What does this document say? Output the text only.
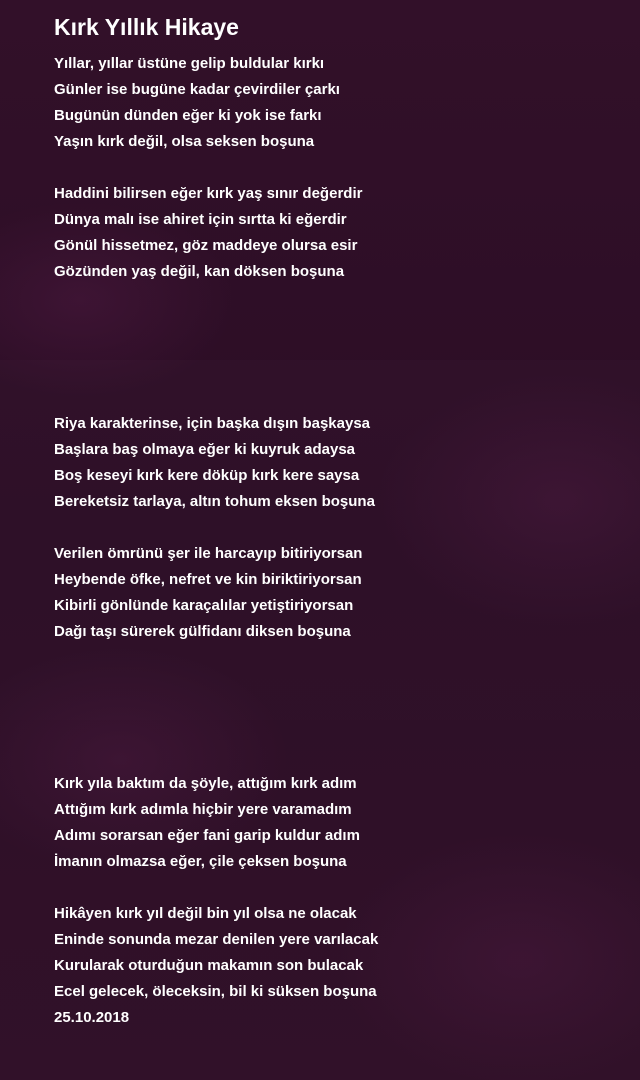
Kırk Yıllık Hikaye
Yıllar, yıllar üstüne gelip buldular kırkı
Günler ise bugüne kadar çevirdiler çarkı
Bugünün dünden eğer ki yok ise farkı
Yaşın kırk değil, olsa seksen boşuna
Haddini bilirsen eğer kırk yaş sınır değerdir
Dünya malı ise ahiret için sırtta ki eğerdir
Gönül hissetmez, göz maddeye olursa esir
Gözünden yaş değil, kan döksen boşuna
Riya karakterinse, için başka dışın başkaysa
Başlara baş olmaya eğer ki kuyruk adaysa
Boş keseyi kırk kere döküp kırk kere saysa
Bereketsiz tarlaya, altın tohum eksen boşuna
Verilen ömrünü şer ile harcayıp bitiriyorsan
Heybende öfke, nefret ve kin biriktiriyorsan
Kibirli gönlünde karaçalılar yetiştiriyorsan
Dağı taşı sürerek gülfidanı diksen boşuna
Kırk yıla baktım da şöyle, attığım kırk adım
Attığım kırk adımla hiçbir yere varamadım
Adımı sorarsan eğer fani garip kuldur adım
İmanın olmazsa eğer, çile çeksen boşuna
Hikâyen kırk yıl değil bin yıl olsa ne olacak
Eninde sonunda mezar denilen yere varılacak
Kurularak oturduğun makamın son bulacak
Ecel gelecek, öleceksin, bil ki süksen boşuna
25.10.2018
